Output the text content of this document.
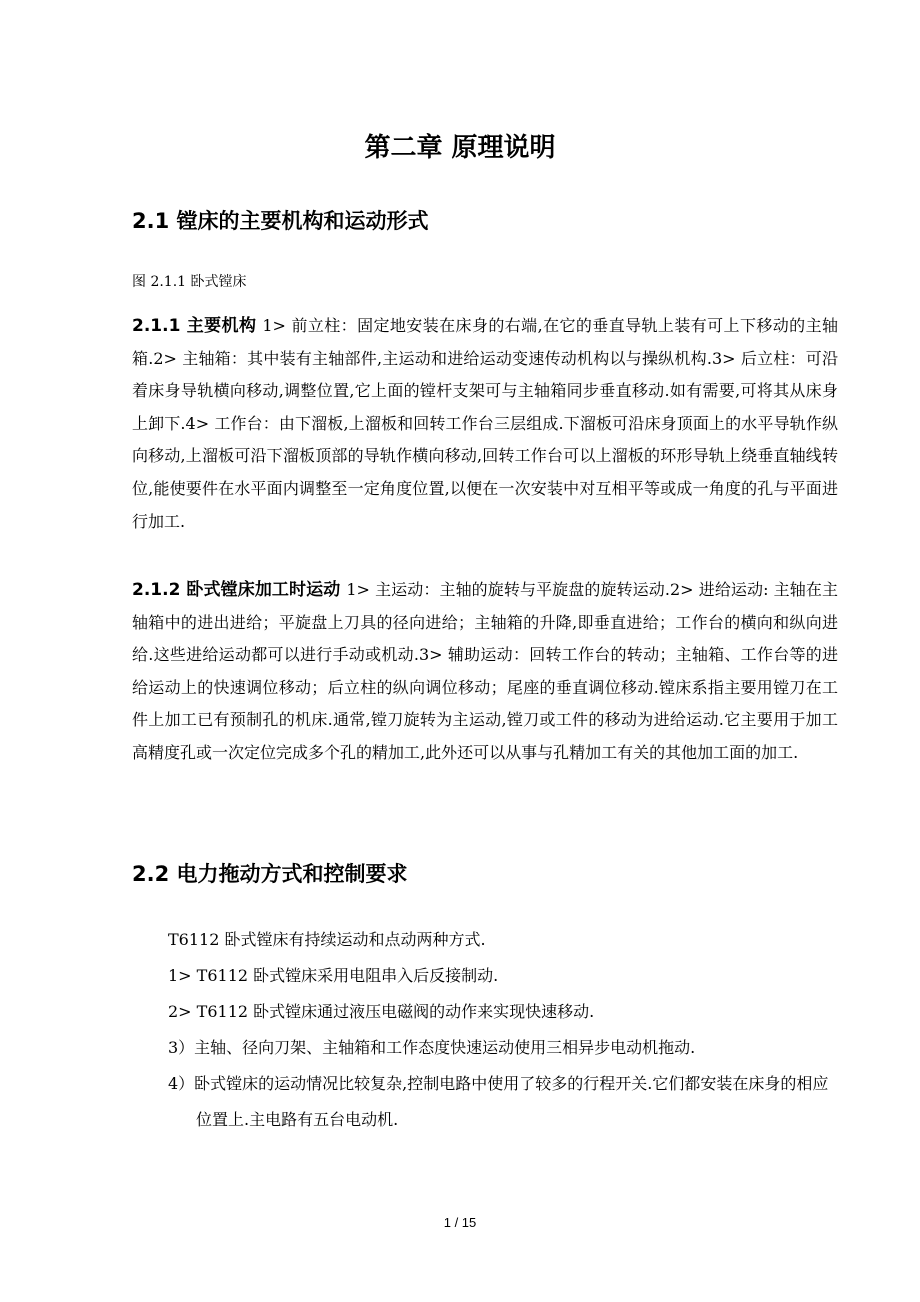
第二章 原理说明
2.1 镗床的主要机构和运动形式

图 2.1.1 卧式镗床

2.1.1 主要机构 1> 前立柱：固定地安装在床身的右端,在它的垂直导轨上装有可上下移动的主轴箱.2> 主轴箱：其中装有主轴部件,主运动和进给运动变速传动机构以与操纵机构.3> 后立柱：可沿着床身导轨横向移动,调整位置,它上面的镗杆支架可与主轴箱同步垂直移动.如有需要,可将其从床身上卸下.4> 工作台：由下溜板,上溜板和回转工作台三层组成.下溜板可沿床身顶面上的水平导轨作纵向移动,上溜板可沿下溜板顶部的导轨作横向移动,回转工作台可以上溜板的环形导轨上绕垂直轴线转位,能使要件在水平面内调整至一定角度位置,以便在一次安装中对互相平等或成一角度的孔与平面进行加工.

2.1.2 卧式镗床加工时运动 1> 主运动：主轴的旋转与平旋盘的旋转运动.2> 进给运动: 主轴在主轴箱中的进出进给；平旋盘上刀具的径向进给；主轴箱的升降,即垂直进给；工作台的横向和纵向进给.这些进给运动都可以进行手动或机动.3> 辅助运动：回转工作台的转动；主轴箱、工作台等的进给运动上的快速调位移动；后立柱的纵向调位移动；尾座的垂直调位移动.镗床系指主要用镗刀在工件上加工已有预制孔的机床.通常,镗刀旋转为主运动,镗刀或工件的移动为进给运动.它主要用于加工高精度孔或一次定位完成多个孔的精加工,此外还可以从事与孔精加工有关的其他加工面的加工.

2.2 电力拖动方式和控制要求
T6112 卧式镗床有持续运动和点动两种方式.
1> T6112 卧式镗床采用电阻串入后反接制动.
2> T6112 卧式镗床通过液压电磁阀的动作来实现快速移动.
3）主轴、径向刀架、主轴箱和工作态度快速运动使用三相异步电动机拖动.
4）卧式镗床的运动情况比较复杂,控制电路中使用了较多的行程开关.它们都安装在床身的相应位置上.主电路有五台电动机.
1 / 15
